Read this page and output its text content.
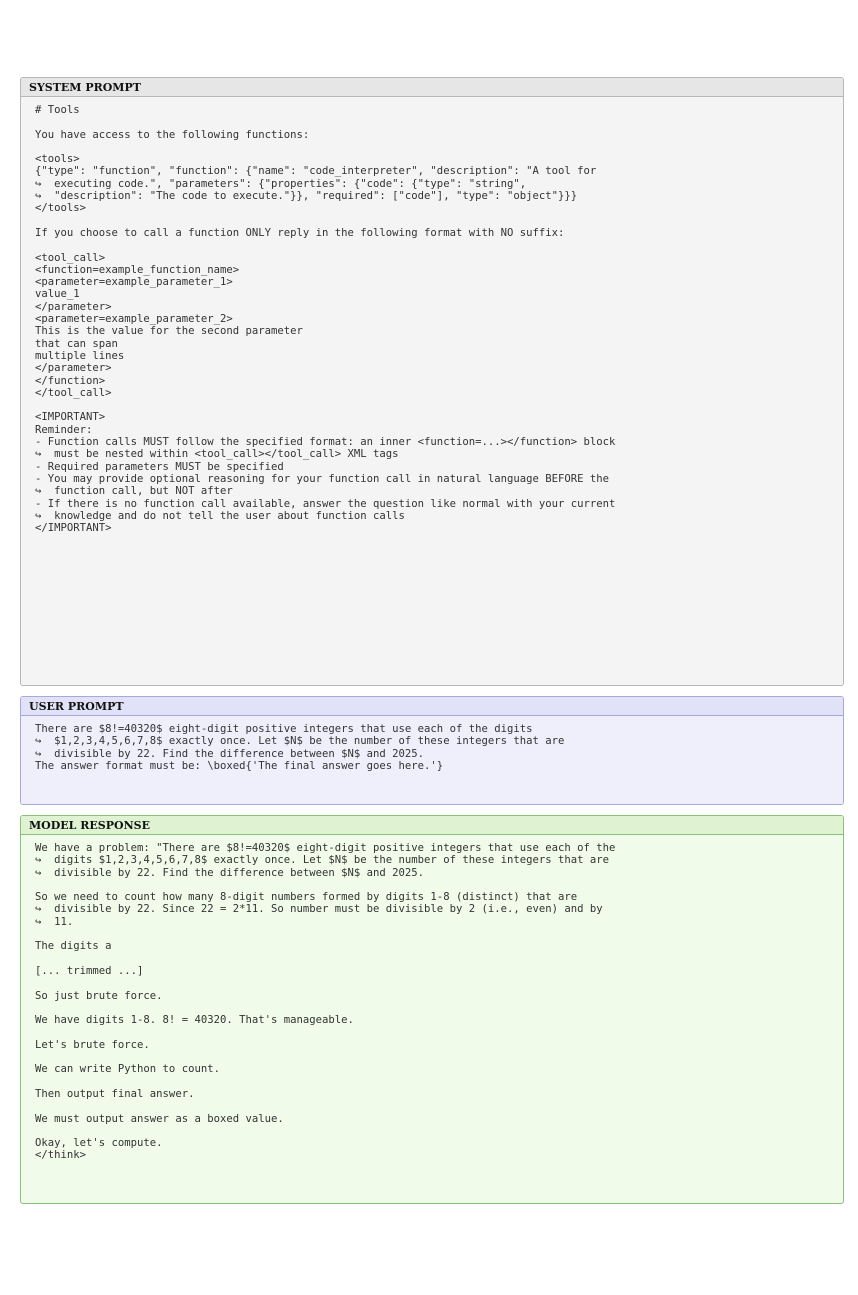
SYSTEM PROMPT
# Tools
You have access to the following functions:
<tools>
{"type": "function", "function": {"name": "code_interpreter", "description": "A tool for
↪  executing code.", "parameters": {"properties": {"code": {"type": "string",
↪  "description": "The code to execute."}}, "required": ["code"], "type": "object"}}}
</tools>
If you choose to call a function ONLY reply in the following format with NO suffix:
<tool_call>
<function=example_function_name>
<parameter=example_parameter_1>
value_1
</parameter>
<parameter=example_parameter_2>
This is the value for the second parameter
that can span
multiple lines
</parameter>
</function>
</tool_call>
<IMPORTANT>
Reminder:
- Function calls MUST follow the specified format: an inner <function=...></function> block
↪  must be nested within <tool_call></tool_call> XML tags
- Required parameters MUST be specified
- You may provide optional reasoning for your function call in natural language BEFORE the
↪  function call, but NOT after
- If there is no function call available, answer the question like normal with your current
↪  knowledge and do not tell the user about function calls
</IMPORTANT>
USER PROMPT
There are $8!=40320$ eight-digit positive integers that use each of the digits
↪  $1,2,3,4,5,6,7,8$ exactly once. Let $N$ be the number of these integers that are
↪  divisible by 22. Find the difference between $N$ and 2025.
The answer format must be: \boxed{'The final answer goes here.'}
MODEL RESPONSE
We have a problem: "There are $8!=40320$ eight-digit positive integers that use each of the
↪  digits $1,2,3,4,5,6,7,8$ exactly once. Let $N$ be the number of these integers that are
↪  divisible by 22. Find the difference between $N$ and 2025.
So we need to count how many 8-digit numbers formed by digits 1-8 (distinct) that are
↪  divisible by 22. Since 22 = 2*11. So number must be divisible by 2 (i.e., even) and by
↪  11.
The digits a
[... trimmed ...]
So just brute force.
We have digits 1-8. 8! = 40320. That's manageable.
Let's brute force.
We can write Python to count.
Then output final answer.
We must output answer as a boxed value.
Okay, let's compute.
</think>
